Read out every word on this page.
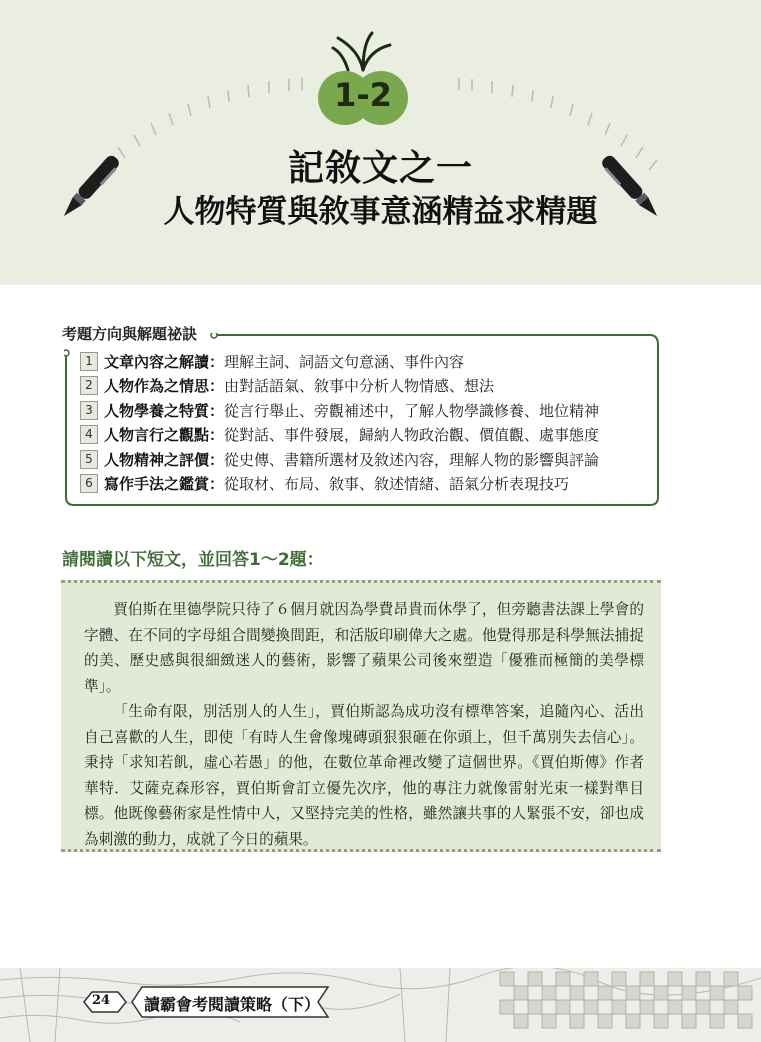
1-2
記敘文之一
人物特質與敘事意涵精益求精題
考題方向與解題祕訣
1 文章內容之解讀： 理解主詞、詞語文句意涵、事件內容
2 人物作為之情思： 由對話語氣、敘事中分析人物情感、想法
3 人物學養之特質： 從言行舉止、旁觀補述中，了解人物學識修養、地位精神
4 人物言行之觀點： 從對話、事件發展，歸納人物政治觀、價值觀、處事態度
5 人物精神之評價： 從史傳、書籍所選材及敘述內容，理解人物的影響與評論
6 寫作手法之鑑賞： 從取材、布局、敘事、敘述情緒、語氣分析表現技巧
請閱讀以下短文，並回答1～2題：
賈伯斯在里德學院只待了６個月就因為學費昂貴而休學了，但旁聽書法課上學會的字體、在不同的字母組合間變換間距，和活版印刷偉大之處。他覺得那是科學無法捕捉的美、歷史感與很細緻迷人的藝術，影響了蘋果公司後來塑造「優雅而極簡的美學標準」。
「生命有限，別活別人的人生」，賈伯斯認為成功沒有標準答案，追隨內心、活出自己喜歡的人生，即使「有時人生會像塊磚頭狠狠砸在你頭上，但千萬別失去信心」。秉持「求知若飢，虛心若愚」的他，在數位革命裡改變了這個世界。《賈伯斯傳》作者華特．艾薩克森形容，賈伯斯會訂立優先次序，他的專注力就像雷射光束一樣對準目標。他既像藝術家是性情中人，又堅持完美的性格，雖然讓共事的人緊張不安，卻也成為刺激的動力，成就了今日的蘋果。
24 讀霸會考閱讀策略（下）
